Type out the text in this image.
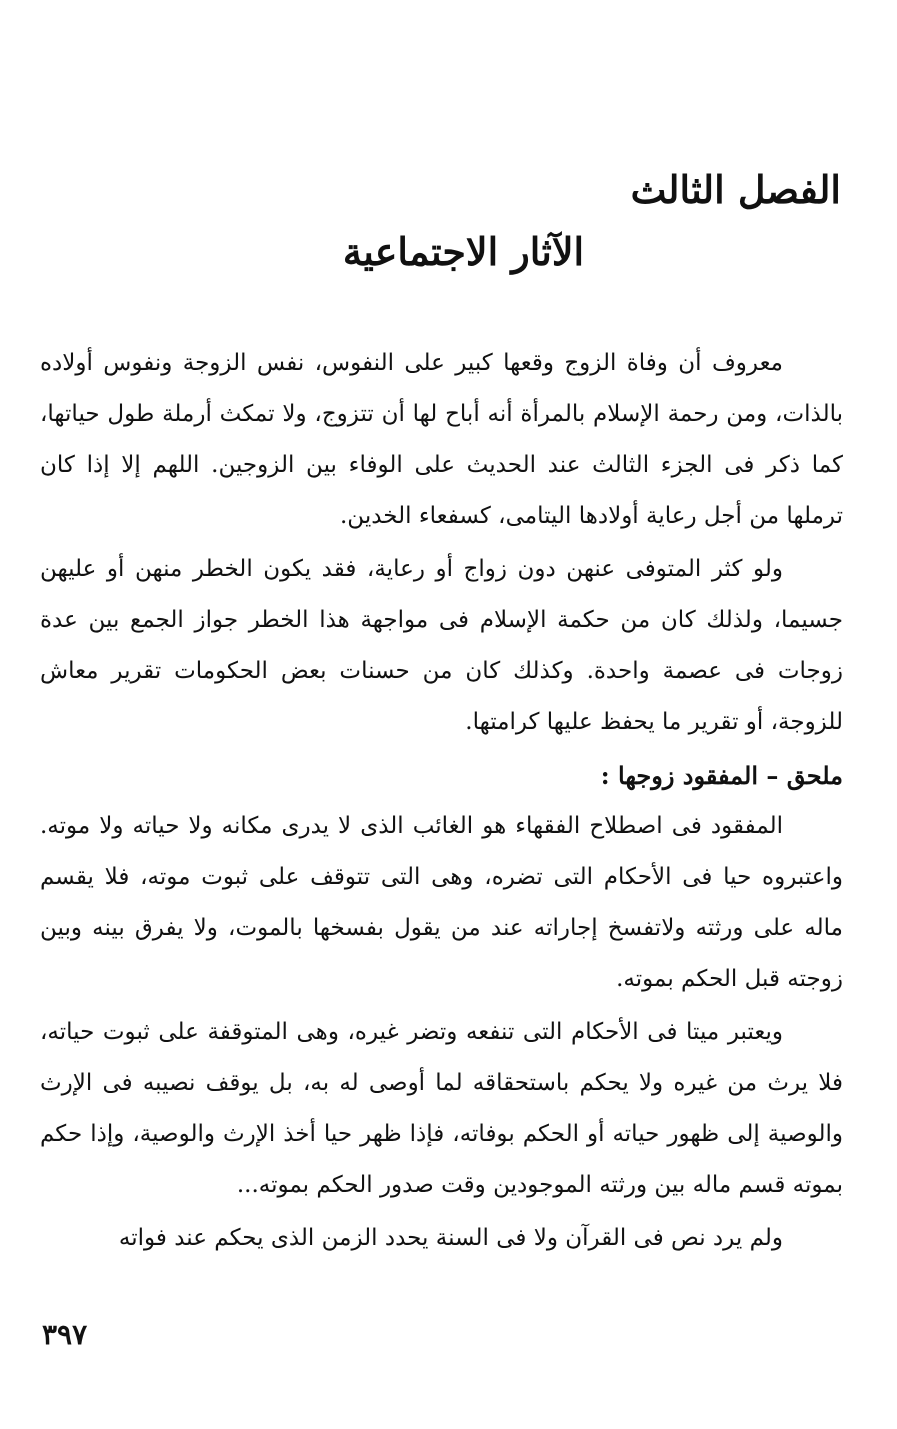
الفصل الثالث
الآثار الاجتماعية

معروف أن وفاة الزوج وقعها كبير على النفوس، نفس الزوجة ونفوس أولاده بالذات، ومن رحمة الإسلام بالمرأة أنه أباح لها أن تتزوج، ولا تمكث أرملة طول حياتها، كما ذكر فى الجزء الثالث عند الحديث على الوفاء بين الزوجين. اللهم إلا إذا كان ترملها من أجل رعاية أولادها اليتامى، كسفعاء الخدين.

ولو كثر المتوفى عنهن دون زواج أو رعاية، فقد يكون الخطر منهن أو عليهن جسيما، ولذلك كان من حكمة الإسلام فى مواجهة هذا الخطر جواز الجمع بين عدة زوجات فى عصمة واحدة. وكذلك كان من حسنات بعض الحكومات تقرير معاش للزوجة، أو تقرير ما يحفظ عليها كرامتها.

ملحق – المفقود زوجها :

المفقود فى اصطلاح الفقهاء هو الغائب الذى لا يدرى مكانه ولا حياته ولا موته. واعتبروه حيا فى الأحكام التى تضره، وهى التى تتوقف على ثبوت موته، فلا يقسم ماله على ورثته ولاتفسخ إجاراته عند من يقول بفسخها بالموت، ولا يفرق بينه وبين زوجته قبل الحكم بموته.

ويعتبر ميتا فى الأحكام التى تنفعه وتضر غيره، وهى المتوقفة على ثبوت حياته، فلا يرث من غيره ولا يحكم باستحقاقه لما أوصى له به، بل يوقف نصيبه فى الإرث والوصية إلى ظهور حياته أو الحكم بوفاته، فإذا ظهر حيا أخذ الإرث والوصية، وإذا حكم بموته قسم ماله بين ورثته الموجودين وقت صدور الحكم بموته...

ولم يرد نص فى القرآن ولا فى السنة يحدد الزمن الذى يحكم عند فواته

٣٩٧
